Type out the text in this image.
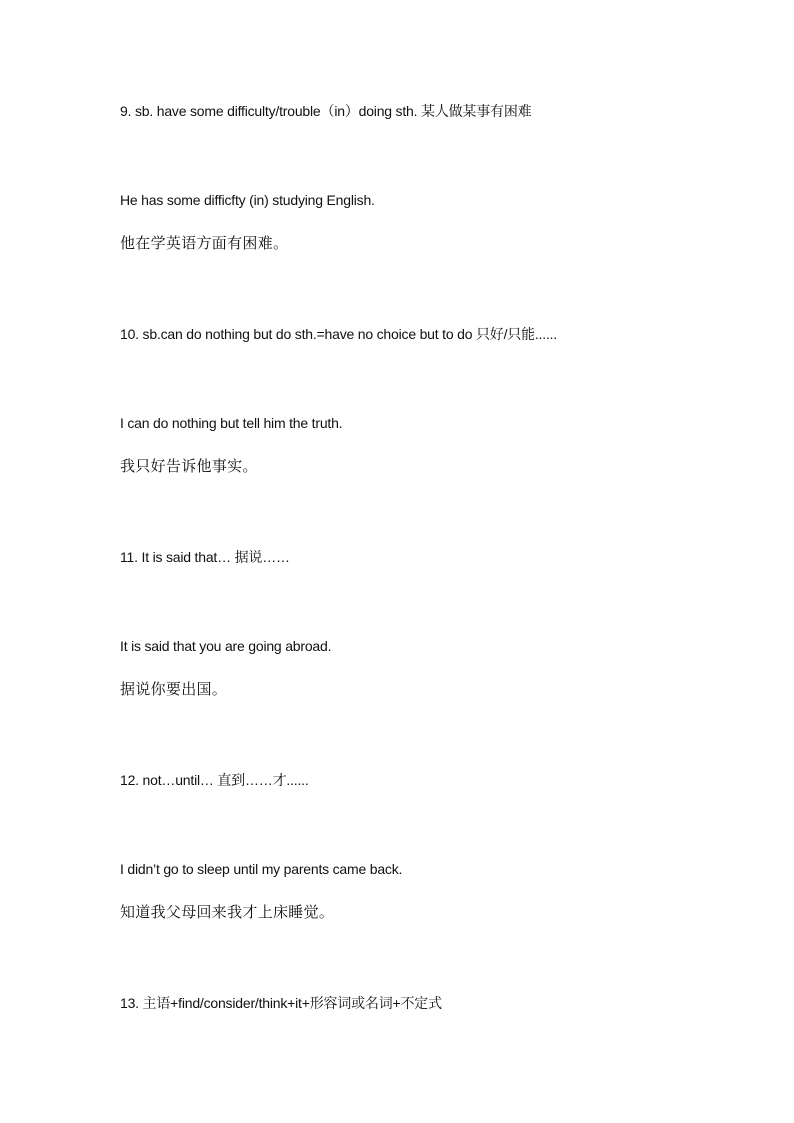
9. sb. have some difficulty/trouble（in）doing sth. 某人做某事有困难
He has some difficfty (in) studying English.
他在学英语方面有困难。
10. sb.can do nothing but do sth.=have no choice but to do 只好/只能......
I can do nothing but tell him the truth.
我只好告诉他事实。
11. It is said that… 据说……
It is said that you are going abroad.
据说你要出国。
12. not…until… 直到……才......
I didn’t go to sleep until my parents came back.
知道我父母回来我才上床睡觉。
13. 主语+find/consider/think+it+形容词或名词+不定式
